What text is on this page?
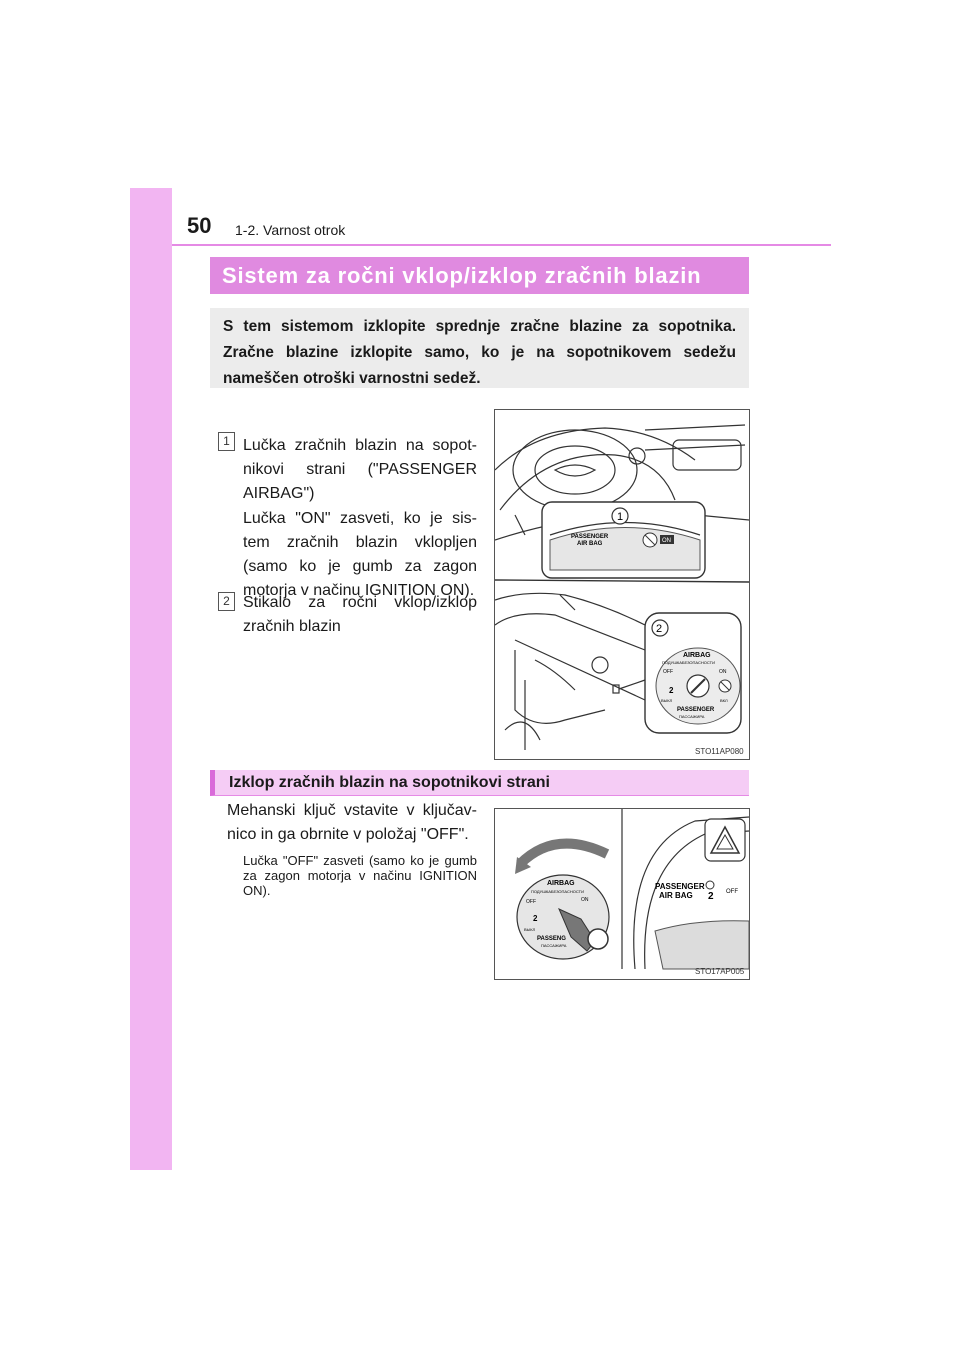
50 1-2. Varnost otrok
Sistem za ročni vklop/izklop zračnih blazin
S tem sistemom izklopite sprednje zračne blazine za sopotnika. Zračne blazine izklopite samo, ko je na sopotnikovem sedežu nameščen otroški varnostni sedež.
1 Lučka zračnih blazin na sopot-nikovi strani ("PASSENGER AIRBAG")
Lučka "ON" zasveti, ko je sis-tem zračnih blazin vklopljen (samo ko je gumb za zagon motorja v načinu IGNITION ON).
2 Stikalo za ročni vklop/izklop zračnih blazin
1
PASSENGER
AIR BAG	ON
2
AIRBAG
ПОДУШКАБЕЗОПАСНОСТИ
OFF	ON
2
ВЫКЛ	ВКЛ
PASSENGER
ПАССАЖИРА
STO11AP080
Izklop zračnih blazin na sopotnikovi strani
Mehanski ključ vstavite v ključav-nico in ga obrnite v položaj "OFF".
Lučka "OFF" zasveti (samo ko je gumb za zagon motorja v načinu IGNITION ON).	AIRBAG
ПОДУШКАБЕЗОПАСНОСТИ
OFF	ON
2
ВЫКЛ
PASSENG
ПАССАЖИРА
PASSENGER
AIR BAG 2 OFF
STO17AP005
